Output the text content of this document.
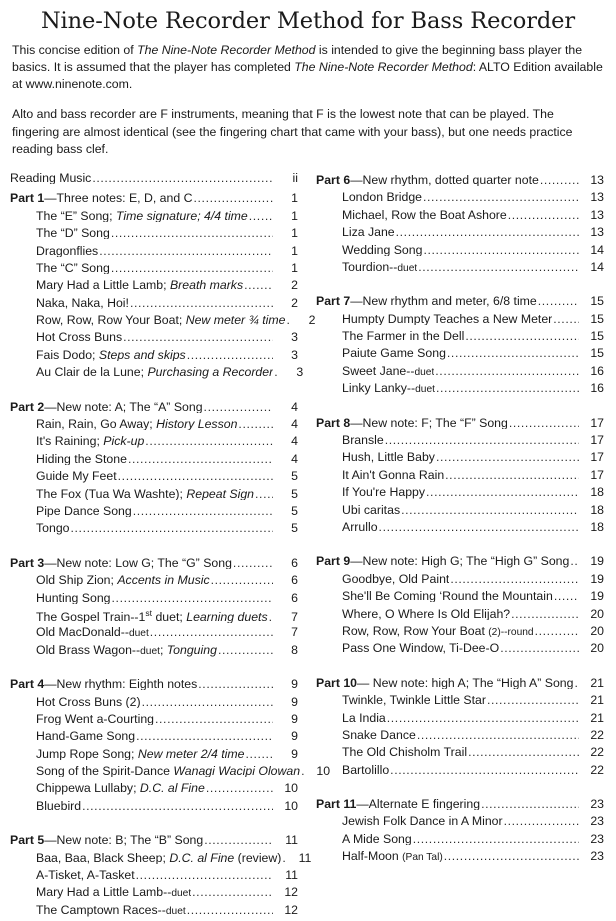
Nine-Note Recorder Method for Bass Recorder

This concise edition of The Nine-Note Recorder Method is intended to give the beginning bass player the basics. It is assumed that the player has completed The Nine-Note Recorder Method: ALTO Edition available at www.ninenote.com.

Alto and bass recorder are F instruments, meaning that F is the lowest note that can be played. The fingering are almost identical (see the fingering chart that came with your bass), but one needs practice reading bass clef.

Reading Music .....	ii
Part 1—Three notes: E, D, and C .....	1
The “E” Song; Time signature; 4/4 time .....	1
The “D” Song .....	1
Dragonflies .....	1
The “C” Song .....	1
Mary Had a Little Lamb; Breath marks .....	2
Naka, Naka, Hoi! .....	2
Row, Row, Row Your Boat; New meter ¾ time .....	2
Hot Cross Buns .....	3
Fais Dodo; Steps and skips .....	3
Au Clair de la Lune; Purchasing a Recorder .....	3
Part 2—New note: A; The “A” Song .....	4
Rain, Rain, Go Away; History Lesson .....	4
It's Raining; Pick-up .....	4
Hiding the Stone .....	4
Guide My Feet .....	5
The Fox (Tua Wa Washte); Repeat Sign .....	5
Pipe Dance Song .....	5
Tongo .....	5
Part 3—New note: Low G; The “G” Song .....	6
Old Ship Zion; Accents in Music .....	6
Hunting Song .....	6
The Gospel Train--1st duet; Learning duets .....	7
Old MacDonald--duet .....	7
Old Brass Wagon--duet; Tonguing .....	8
Part 4—New rhythm: Eighth notes .....	9
Hot Cross Buns (2) .....	9
Frog Went a-Courting .....	9
Hand-Game Song .....	9
Jump Rope Song; New meter 2/4 time .....	9
Song of the Spirit-Dance Wanagi Wacipi Olowan .....	10
Chippewa Lullaby; D.C. al Fine .....	10
Bluebird .....	10
Part 5—New note: B; The “B” Song .....	11
Baa, Baa, Black Sheep; D.C. al Fine (review) .....	11
A-Tisket, A-Tasket .....	11
Mary Had a Little Lamb--duet .....	12
The Camptown Races--duet .....	12
Part 6—New rhythm, dotted quarter note .....	13
London Bridge .....	13
Michael, Row the Boat Ashore .....	13
Liza Jane .....	13
Wedding Song .....	14
Tourdion--duet .....	14
Part 7—New rhythm and meter, 6/8 time .....	15
Humpty Dumpty Teaches a New Meter .....	15
The Farmer in the Dell .....	15
Paiute Game Song .....	15
Sweet Jane--duet .....	16
Linky Lanky--duet .....	16
Part 8—New note: F; The “F” Song .....	17
Bransle .....	17
Hush, Little Baby .....	17
It Ain't Gonna Rain .....	17
If You're Happy .....	18
Ubi caritas .....	18
Arrullo .....	18
Part 9—New note: High G; The “High G” Song .....	19
Goodbye, Old Paint .....	19
She'll Be Coming ‘Round the Mountain .....	19
Where, O Where Is Old Elijah? .....	20
Row, Row, Row Your Boat (2)--round .....	20
Pass One Window, Ti-Dee-O .....	20
Part 10— New note: high A; The “High A” Song .....	21
Twinkle, Twinkle Little Star .....	21
La India .....	21
Snake Dance .....	22
The Old Chisholm Trail .....	22
Bartolillo .....	22
Part 11—Alternate E fingering .....	23
Jewish Folk Dance in A Minor .....	23
A Mide Song .....	23
Half-Moon (Pan Tal) .....	23
